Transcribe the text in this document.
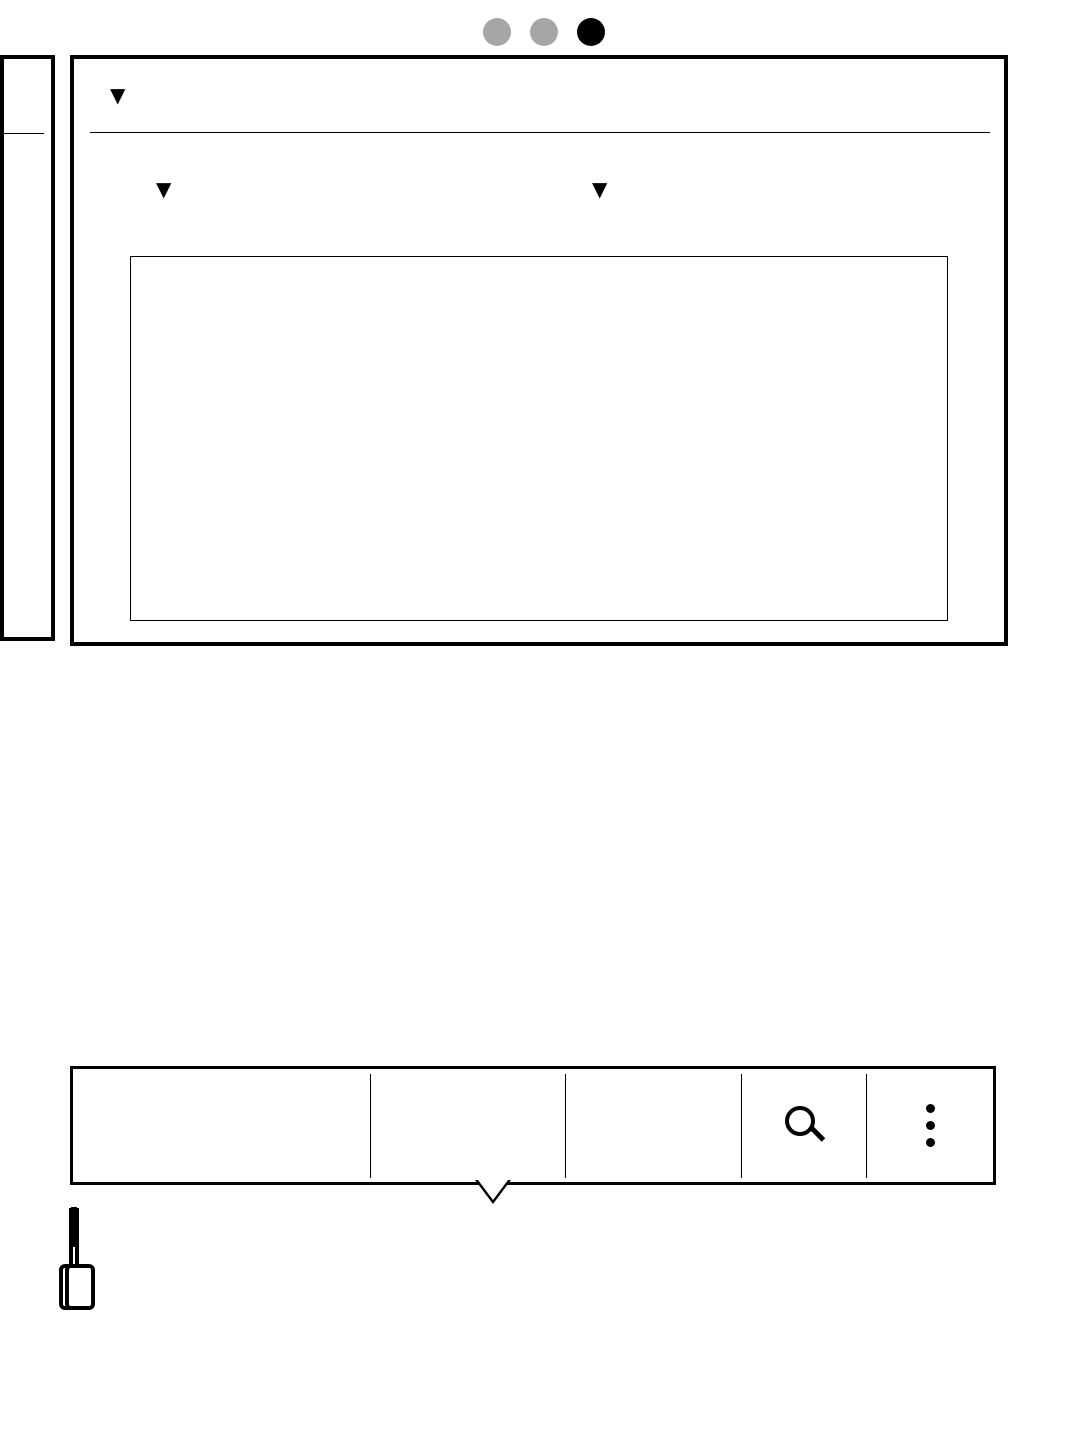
▼
▼	▼
